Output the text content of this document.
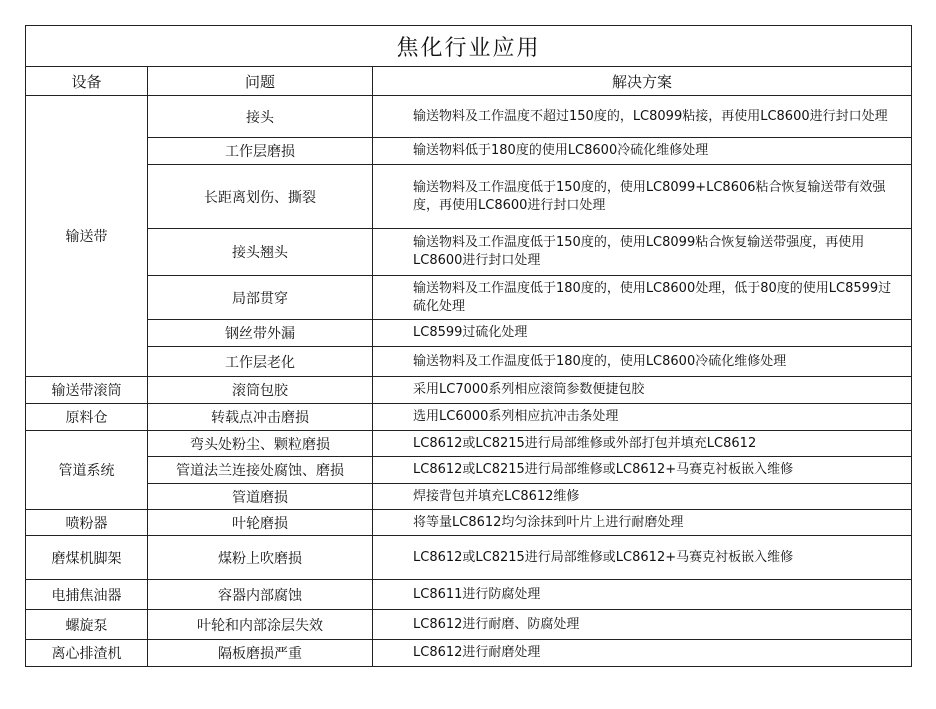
焦化行业应用		
设备	问题	解决方案
输送带	接头	输送物料及工作温度不超过150度的，LC8099粘接，再使用LC8600进行封口处理
	工作层磨损	输送物料低于180度的使用LC8600冷硫化维修处理
	长距离划伤、撕裂	输送物料及工作温度低于150度的，使用LC8099+LC8606粘合恢复输送带有效强度，再使用LC8600进行封口处理
	接头翘头	输送物料及工作温度低于150度的，使用LC8099粘合恢复输送带强度，再使用LC8600进行封口处理
	局部贯穿	输送物料及工作温度低于180度的，使用LC8600处理，低于80度的使用LC8599过硫化处理
	钢丝带外漏	LC8599过硫化处理
	工作层老化	输送物料及工作温度低于180度的，使用LC8600冷硫化维修处理
输送带滚筒	滚筒包胶	采用LC7000系列相应滚筒参数便捷包胶
原料仓	转载点冲击磨损	选用LC6000系列相应抗冲击条处理
管道系统	弯头处粉尘、颗粒磨损	LC8612或LC8215进行局部维修或外部打包并填充LC8612
	管道法兰连接处腐蚀、磨损	LC8612或LC8215进行局部维修或LC8612+马赛克衬板嵌入维修
	管道磨损	焊接背包并填充LC8612维修
喷粉器	叶轮磨损	将等量LC8612均匀涂抹到叶片上进行耐磨处理
磨煤机脚架	煤粉上吹磨损	LC8612或LC8215进行局部维修或LC8612+马赛克衬板嵌入维修
电捕焦油器	容器内部腐蚀	LC8611进行防腐处理
螺旋泵	叶轮和内部涂层失效	LC8612进行耐磨、防腐处理
离心排渣机	隔板磨损严重	LC8612进行耐磨处理
